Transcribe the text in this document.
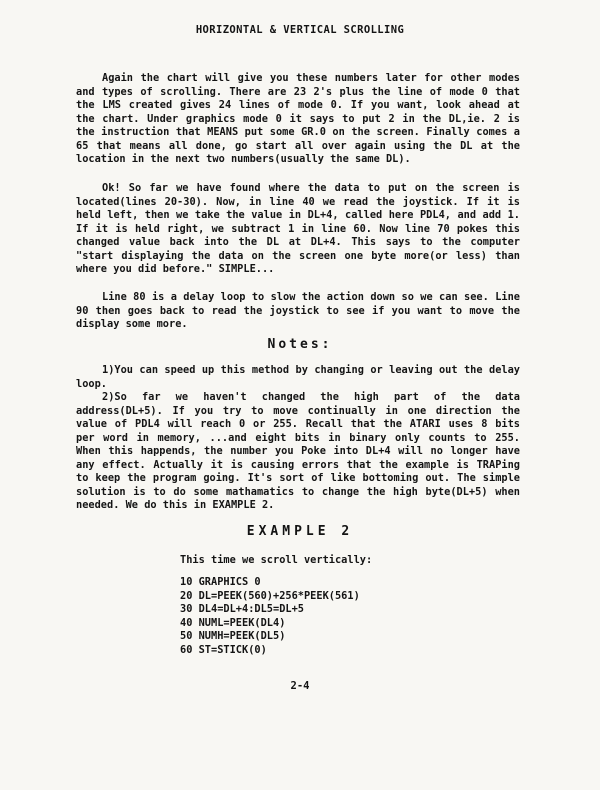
HORIZONTAL & VERTICAL SCROLLING

Again the chart will give you these numbers later for other modes and types of scrolling. There are 23 2's plus the line of mode 0 that the LMS created gives 24 lines of mode 0. If you want, look ahead at the chart. Under graphics mode 0 it says to put 2 in the DL,ie. 2 is the instruction that MEANS put some GR.0 on the screen. Finally comes a 65 that means all done, go start all over again using the DL at the location in the next two numbers(usually the same DL).

Ok! So far we have found where the data to put on the screen is located(lines 20-30). Now, in line 40 we read the joystick. If it is held left, then we take the value in DL+4, called here PDL4, and add 1. If it is held right, we subtract 1 in line 60. Now line 70 pokes this changed value back into the DL at DL+4. This says to the computer "start displaying the data on the screen one byte more(or less) than where you did before." SIMPLE...

Line 80 is a delay loop to slow the action down so we can see. Line 90 then goes back to read the joystick to see if you want to move the display some more.

Notes:

1)You can speed up this method by changing or leaving out the delay loop.

2)So far we haven't changed the high part of the data address(DL+5). If you try to move continually in one direction the value of PDL4 will reach 0 or 255. Recall that the ATARI uses 8 bits per word in memory, ...and eight bits in binary only counts to 255. When this happends, the number you Poke into DL+4 will no longer have any effect. Actually it is causing errors that the example is TRAPing to keep the program going. It's sort of like bottoming out. The simple solution is to do some mathamatics to change the high byte(DL+5) when needed. We do this in EXAMPLE 2.

EXAMPLE 2
This time we scroll vertically:
10 GRAPHICS 0
20 DL=PEEK(560)+256*PEEK(561)
30 DL4=DL+4:DL5=DL+5
40 NUML=PEEK(DL4)
50 NUMH=PEEK(DL5)
60 ST=STICK(0)
2-4
